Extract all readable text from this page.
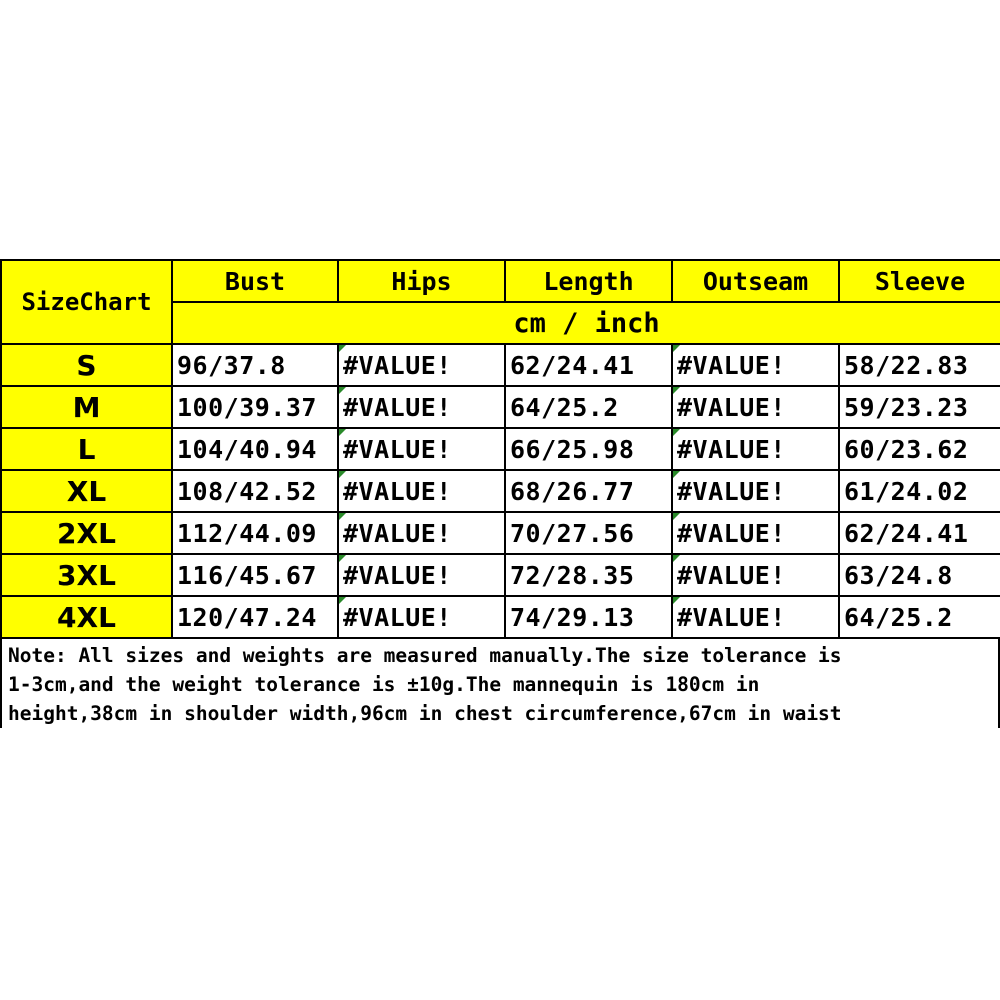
SizeChart	Bust	Hips	Length	Outseam	Sleeve
	cm / inch				
S	96/37.8	#VALUE!	62/24.41	#VALUE!	58/22.83
M	100/39.37	#VALUE!	64/25.2	#VALUE!	59/23.23
L	104/40.94	#VALUE!	66/25.98	#VALUE!	60/23.62
XL	108/42.52	#VALUE!	68/26.77	#VALUE!	61/24.02
2XL	112/44.09	#VALUE!	70/27.56	#VALUE!	62/24.41
3XL	116/45.67	#VALUE!	72/28.35	#VALUE!	63/24.8
4XL	120/47.24	#VALUE!	74/29.13	#VALUE!	64/25.2
Note: All sizes and weights are measured manually.The size tolerance is
1-3cm,and the weight tolerance is ±10g.The mannequin is 180cm in
height,38cm in shoulder width,96cm in chest circumference,67cm in waist
